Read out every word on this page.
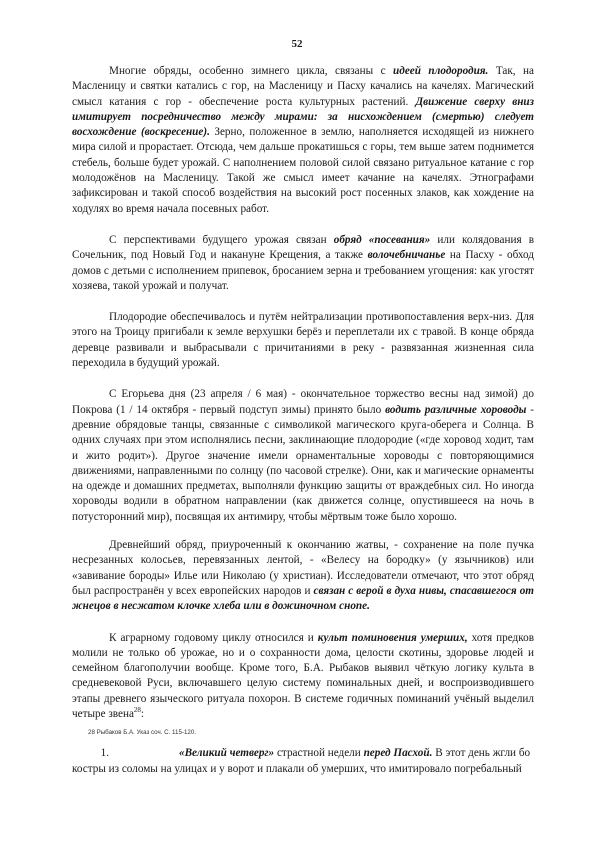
52

Многие обряды, особенно зимнего цикла, связаны с идеей плодородия. Так, на Масленицу и святки катались с гор, на Масленицу и Пасху качались на качелях. Магический смысл катания с гор - обеспечение роста культурных растений. Движение сверху вниз имитирует посредничество между мирами: за нисхождением (смертью) следует восхождение (воскресение). Зерно, положенное в землю, наполняется исходящей из нижнего мира силой и прорастает. Отсюда, чем дальше прокатишься с горы, тем выше затем поднимется стебель, больше будет урожай. С наполнением половой силой связано ритуальное катание с гор молодожёнов на Масленицу. Такой же смысл имеет качание на качелях. Этнографами зафиксирован и такой способ воздействия на высокий рост посенных злаков, как хождение на ходулях во время начала посевных работ.

С перспективами будущего урожая связан обряд «посевания» или колядования в Сочельник, под Новый Год и накануне Крещения, а также волочебничанье на Пасху - обход домов с детьми с исполнением припевок, бросанием зерна и требованием угощения: как угостят хозяева, такой урожай и получат.

Плодородие обеспечивалось и путём нейтрализации противопоставления верх-низ. Для этого на Троицу пригибали к земле верхушки берёз и переплетали их с травой. В конце обряда деревце развивали и выбрасывали с причитаниями в реку - развязанная жизненная сила переходила в будущий урожай.

С Егорьева дня (23 апреля / 6 мая) - окончательное торжество весны над зимой) до Покрова (1 / 14 октября - первый подступ зимы) принято было водить различные хороводы - древние обрядовые танцы, связанные с символикой магического круга-оберега и Солнца. В одних случаях при этом исполнялись песни, заклинающие плодородие («где хоровод ходит, там и жито родит»). Другое значение имели орнаментальные хороводы с повторяющимися движениями, направленными по солнцу (по часовой стрелке). Они, как и магические орнаменты на одежде и домашних предметах, выполняли функцию защиты от враждебных сил. Но иногда хороводы водили в обратном направлении (как движется солнце, опустившееся на ночь в потусторонний мир), посвящая их антимиру, чтобы мёртвым тоже было хорошо.

Древнейший обряд, приуроченный к окончанию жатвы, - сохранение на поле пучка несрезанных колосьев, перевязанных лентой, - «Велесу на бородку» (у язычников) или «завивание бороды» Илье или Николаю (у христиан). Исследователи отмечают, что этот обряд был распространён у всех европейских народов и связан с верой в духа нивы, спасавшегося от жнецов в несжатом клочке хлеба или в дожиночном снопе.

К аграрному годовому циклу относился и культ поминовения умерших, хотя предков молили не только об урожае, но и о сохранности дома, целости скотины, здоровье людей и семейном благополучии вообще. Кроме того, Б.А. Рыбаков выявил чёткую логику культа в средневековой Руси, включавшего целую систему поминальных дней, и воспроизводившего этапы древнего языческого ритуала похорон. В системе годичных поминаний учёный выделил четыре звена$^{28}$:

1.	«Великий четверг» страстной недели перед Пасхой. В этот день жгли бо

костры из соломы на улицах и у ворот и плакали об умерших, что имитировало погребальный

28 Рыбаков Б.А. Указ соч. С. 115-120.
